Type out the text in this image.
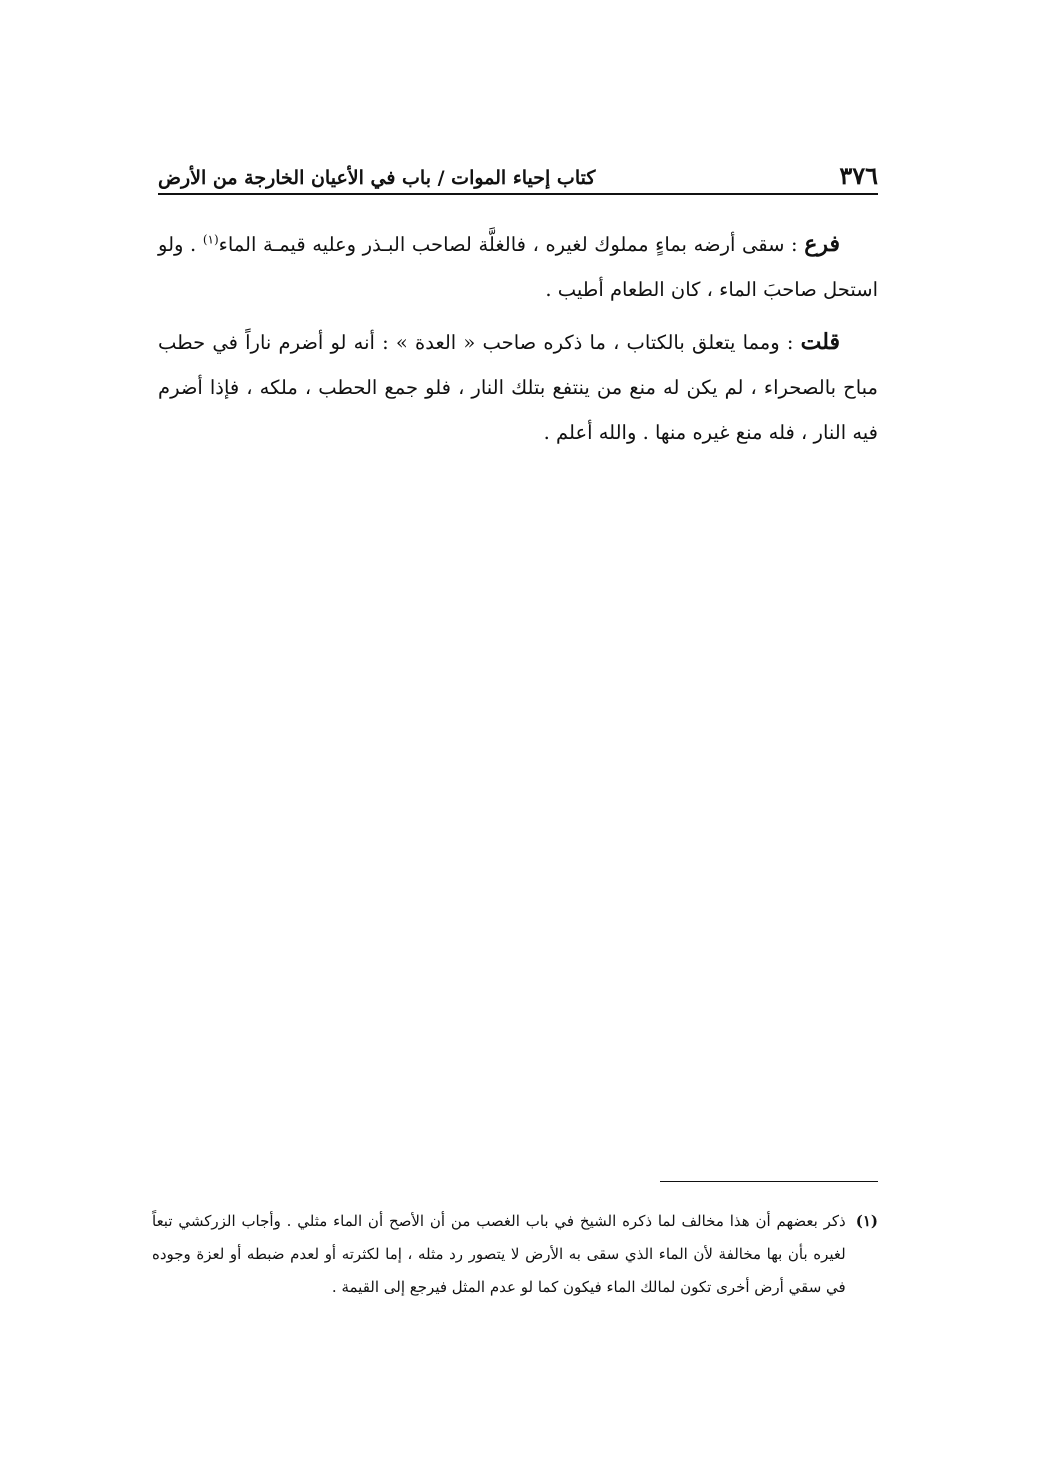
٣٧٦
كتاب إحياء الموات / باب في الأعيان الخارجة من الأرض

فرع : سقى أرضه بماءٍ مملوك لغيره ، فالغلَّة لصاحب البـذر وعليه قيمـة الماء$^{(١)}$ . ولو استحل صاحبَ الماء ، كان الطعام أطيب .

قلت : ومما يتعلق بالكتاب ، ما ذكره صاحب « العدة » : أنه لو أضرم ناراً في حطب مباح بالصحراء ، لم يكن له منع من ينتفع بتلك النار ، فلو جمع الحطب ، ملكه ، فإذا أضرم فيه النار ، فله منع غيره منها . والله أعلم .

(١)
ذكر بعضهم أن هذا مخالف لما ذكره الشيخ في باب الغصب من أن الأصح أن الماء مثلي . وأجاب الزركشي تبعاً لغيره بأن بها مخالفة لأن الماء الذي سقى به الأرض لا يتصور رد مثله ، إما لكثرته أو لعدم ضبطه أو لعزة وجوده في سقي أرض أخرى تكون لمالك الماء فيكون كما لو عدم المثل فيرجع إلى القيمة .
